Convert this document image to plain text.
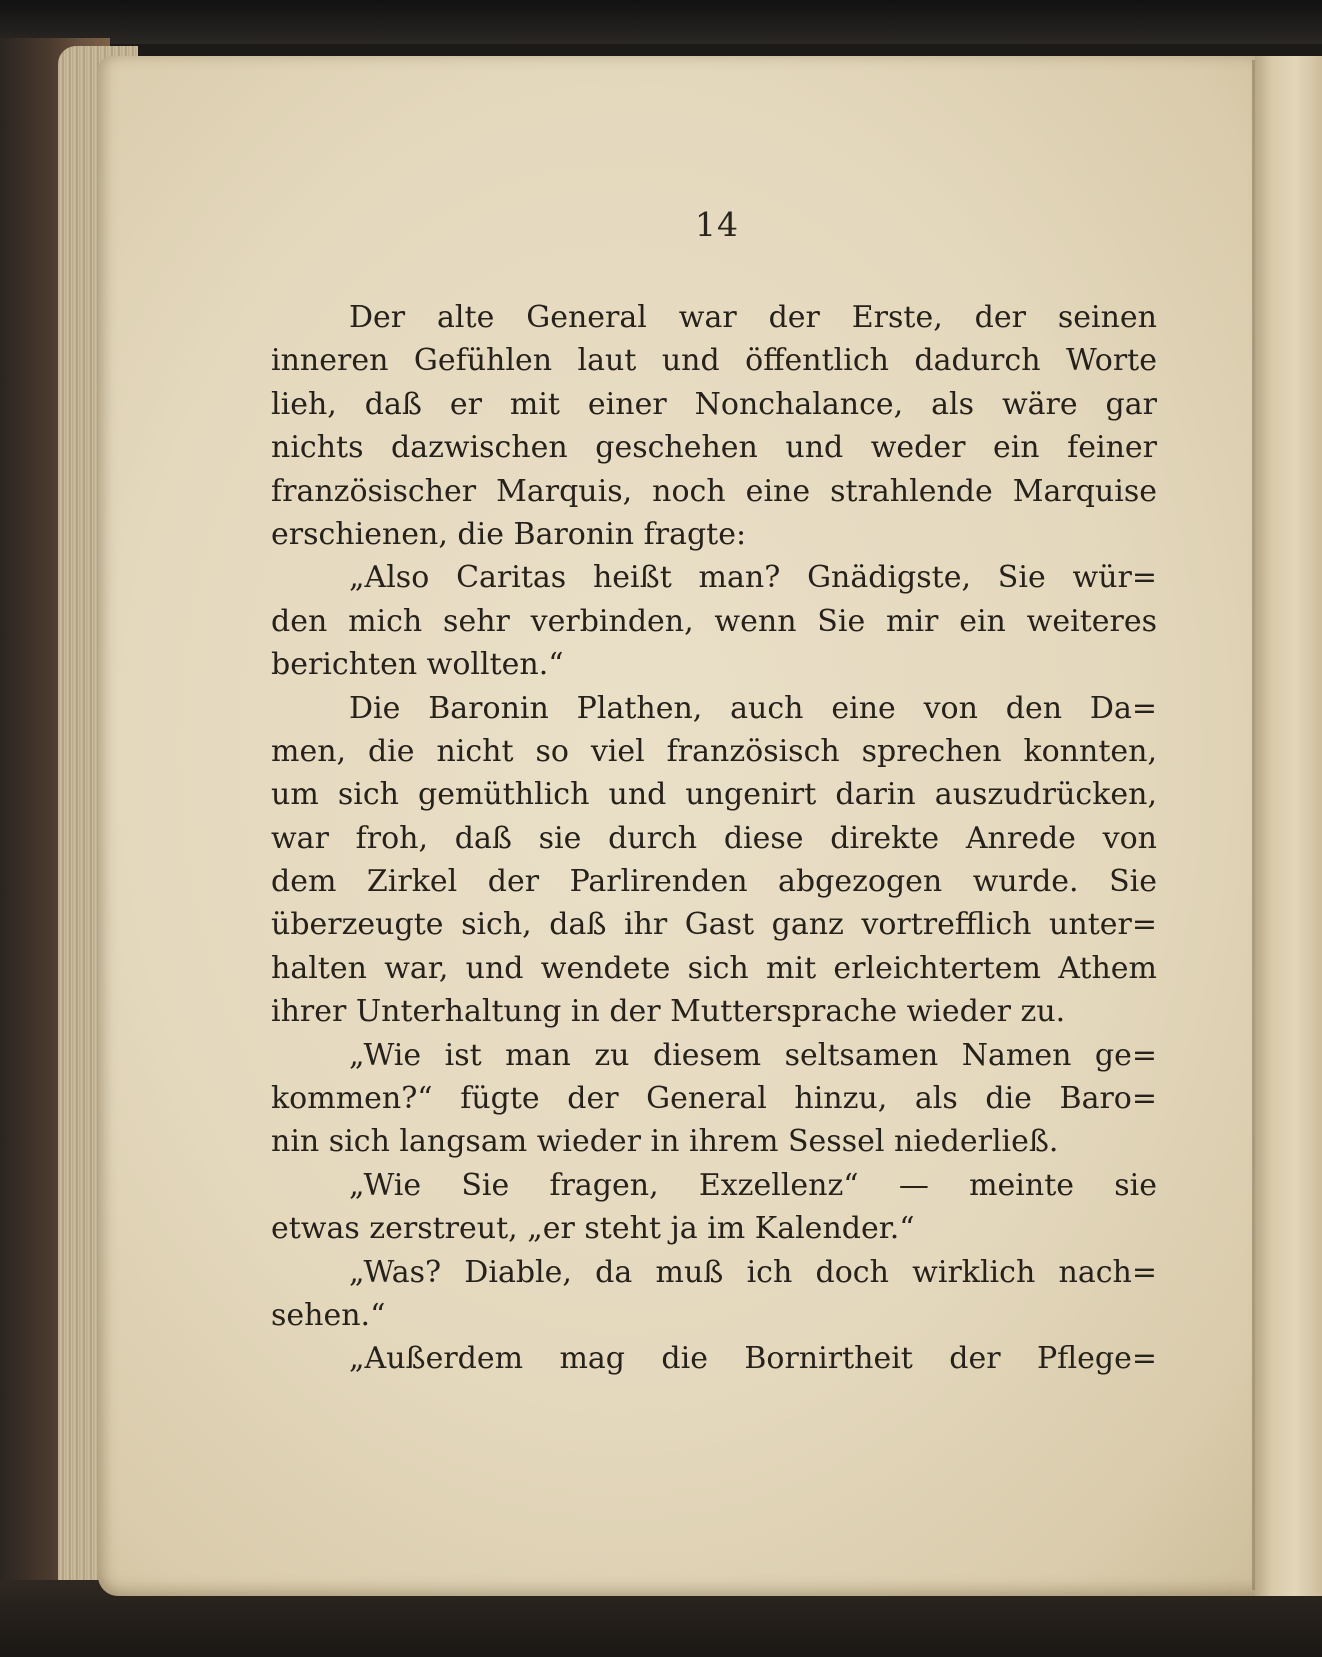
14
Der alte General war der Erste, der seinen
inneren Gefühlen laut und öffentlich dadurch Worte
lieh, daß er mit einer Nonchalance, als wäre gar
nichts dazwischen geschehen und weder ein feiner
französischer Marquis, noch eine strahlende Marquise
erschienen, die Baronin fragte:
„Also Caritas heißt man? Gnädigste, Sie wür=
den mich sehr verbinden, wenn Sie mir ein weiteres
berichten wollten.“
Die Baronin Plathen, auch eine von den Da=
men, die nicht so viel französisch sprechen konnten,
um sich gemüthlich und ungenirt darin auszudrücken,
war froh, daß sie durch diese direkte Anrede von
dem Zirkel der Parlirenden abgezogen wurde. Sie
überzeugte sich, daß ihr Gast ganz vortrefflich unter=
halten war, und wendete sich mit erleichtertem Athem
ihrer Unterhaltung in der Muttersprache wieder zu.
„Wie ist man zu diesem seltsamen Namen ge=
kommen?“ fügte der General hinzu, als die Baro=
nin sich langsam wieder in ihrem Sessel niederließ.
„Wie Sie fragen, Exzellenz“ — meinte sie
etwas zerstreut, „er steht ja im Kalender.“
„Was? Diable, da muß ich doch wirklich nach=
sehen.“
„Außerdem mag die Bornirtheit der Pflege=
